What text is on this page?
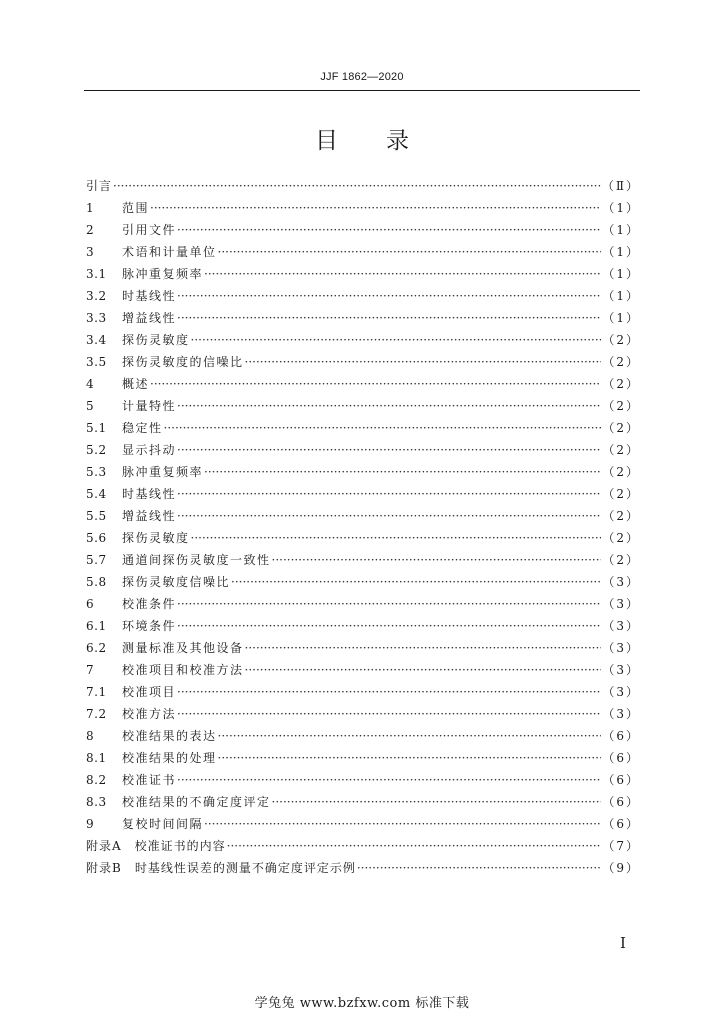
JJF 1862—2020
目录
引言 ·····	（Ⅱ）
1	范围 ·····	（1）
2	引用文件 ·····	（1）
3	术语和计量单位 ·····	（1）
3.1	脉冲重复频率 ·····	（1）
3.2	时基线性 ·····	（1）
3.3	增益线性 ·····	（1）
3.4	探伤灵敏度 ·····	（2）
3.5	探伤灵敏度的信噪比 ·····	（2）
4	概述 ·····	（2）
5	计量特性 ·····	（2）
5.1	稳定性 ·····	（2）
5.2	显示抖动 ·····	（2）
5.3	脉冲重复频率 ·····	（2）
5.4	时基线性 ·····	（2）
5.5	增益线性 ·····	（2）
5.6	探伤灵敏度 ·····	（2）
5.7	通道间探伤灵敏度一致性 ·····	（2）
5.8	探伤灵敏度信噪比 ·····	（3）
6	校准条件 ·····	（3）
6.1	环境条件 ·····	（3）
6.2	测量标准及其他设备 ·····	（3）
7	校准项目和校准方法 ·····	（3）
7.1	校准项目 ·····	（3）
7.2	校准方法 ·····	（3）
8	校准结果的表达 ·····	（6）
8.1	校准结果的处理 ·····	（6）
8.2	校准证书 ·····	（6）
8.3	校准结果的不确定度评定 ·····	（6）
9	复校时间间隔 ·····	（6）
附录A　校准证书的内容 ·····	（7）
附录B　时基线性误差的测量不确定度评定示例 ·····	（9）
I
学兔兔 www.bzfxw.com 标准下载
